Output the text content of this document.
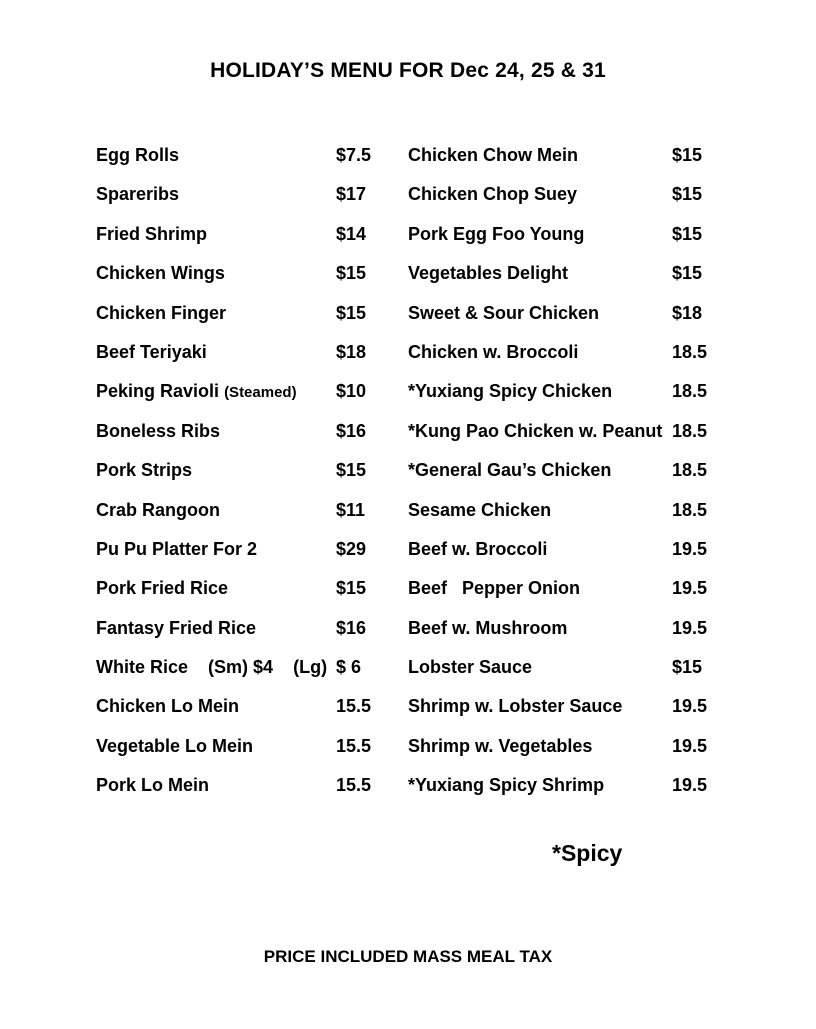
HOLIDAY’S MENU FOR Dec 24, 25 & 31
Egg Rolls	$7.5
Spareribs	$17
Fried Shrimp	$14
Chicken Wings	$15
Chicken Finger	$15
Beef Teriyaki	$18
Peking Ravioli (Steamed) $10
Boneless Ribs	$16
Pork Strips	$15
Crab Rangoon	$11
Pu Pu Platter For 2	$29
Pork Fried Rice	$15
Fantasy Fried Rice	$16
White Rice (Sm) $4 (Lg) $ 6
Chicken Lo Mein	15.5
Vegetable Lo Mein	15.5
Pork Lo Mein	15.5
Chicken Chow Mein	$15
Chicken Chop Suey	$15
Pork Egg Foo Young	$15
Vegetables Delight	$15
Sweet & Sour Chicken	$18
Chicken w. Broccoli	18.5
*Yuxiang Spicy Chicken	18.5
*Kung Pao Chicken w. Peanut 18.5
*General Gau’s Chicken	18.5
Sesame Chicken	18.5
Beef w. Broccoli	19.5
Beef   Pepper Onion	19.5
Beef w. Mushroom	19.5
Lobster Sauce	$15
Shrimp w. Lobster Sauce	19.5
Shrimp w. Vegetables	19.5
*Yuxiang Spicy Shrimp	19.5
*Spicy
PRICE INCLUDED MASS MEAL TAX
